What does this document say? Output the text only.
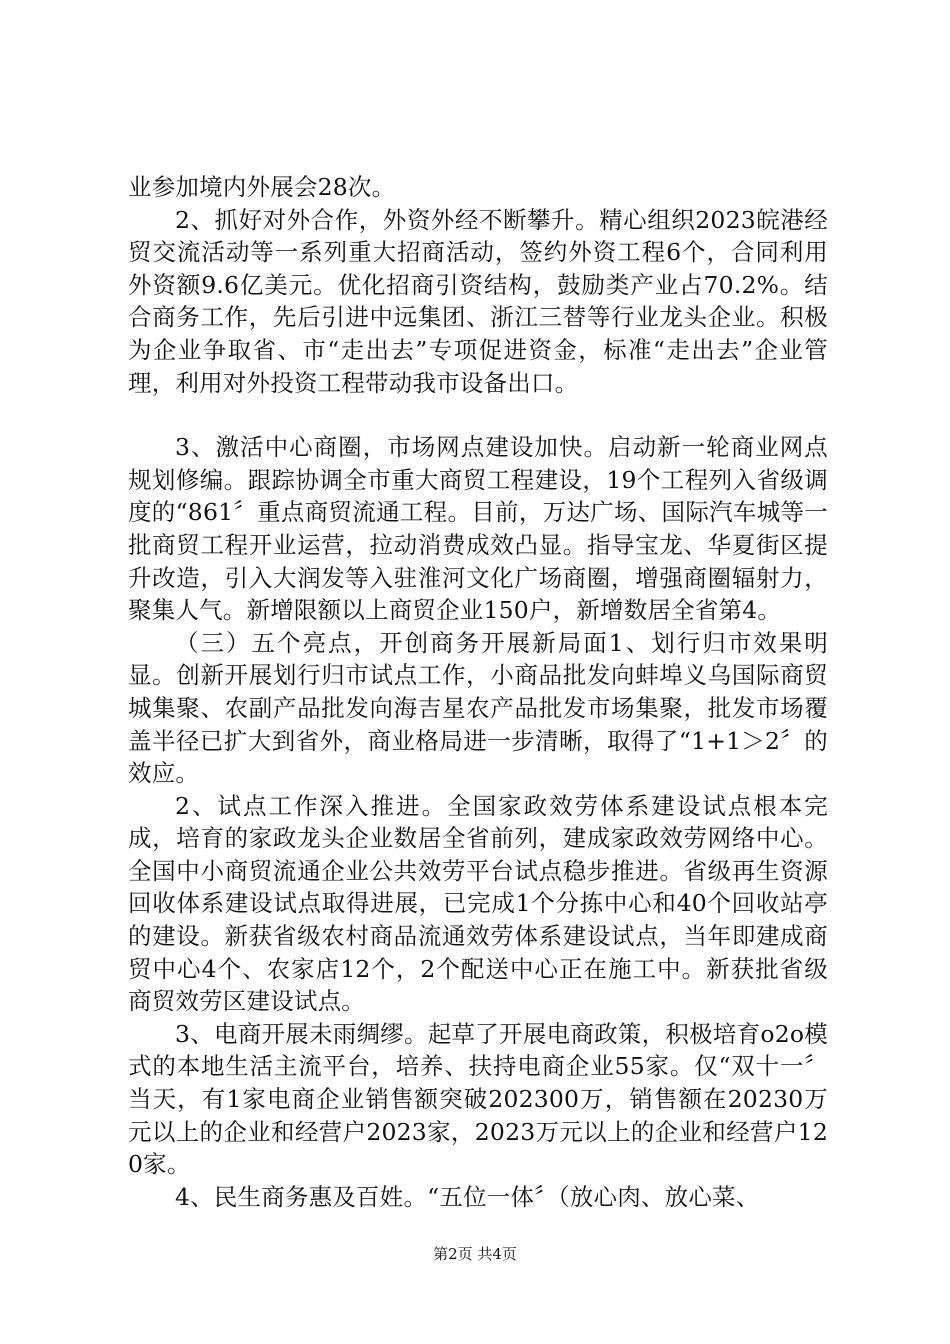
业参加境内外展会28次。

2、抓好对外合作，外资外经不断攀升。精心组织2023皖港经贸交流活动等一系列重大招商活动，签约外资工程6个，合同利用外资额9.6亿美元。优化招商引资结构，鼓励类产业占70.2%。结合商务工作，先后引进中远集团、浙江三替等行业龙头企业。积极为企业争取省、市“走出去”专项促进资金，标准“走出去”企业管理，利用对外投资工程带动我市设备出口。

3、激活中心商圈，市场网点建设加快。启动新一轮商业网点规划修编。跟踪协调全市重大商贸工程建设，19个工程列入省级调度的“861〞重点商贸流通工程。目前，万达广场、国际汽车城等一批商贸工程开业运营，拉动消费成效凸显。指导宝龙、华夏街区提升改造，引入大润发等入驻淮河文化广场商圈，增强商圈辐射力，聚集人气。新增限额以上商贸企业150户，新增数居全省第4。

（三）五个亮点，开创商务开展新局面1、划行归市效果明显。创新开展划行归市试点工作，小商品批发向蚌埠义乌国际商贸城集聚、农副产品批发向海吉星农产品批发市场集聚，批发市场覆盖半径已扩大到省外，商业格局进一步清晰，取得了“1+1＞2〞的效应。

2、试点工作深入推进。全国家政效劳体系建设试点根本完成，培育的家政龙头企业数居全省前列，建成家政效劳网络中心。全国中小商贸流通企业公共效劳平台试点稳步推进。省级再生资源回收体系建设试点取得进展，已完成1个分拣中心和40个回收站亭的建设。新获省级农村商品流通效劳体系建设试点，当年即建成商贸中心4个、农家店12个，2个配送中心正在施工中。新获批省级商贸效劳区建设试点。

3、电商开展未雨绸缪。起草了开展电商政策，积极培育o2o模式的本地生活主流平台，培养、扶持电商企业55家。仅“双十一〞当天，有1家电商企业销售额突破202300万，销售额在20230万元以上的企业和经营户2023家，2023万元以上的企业和经营户120家。

4、民生商务惠及百姓。“五位一体〞（放心肉、放心菜、

第2页 共4页
